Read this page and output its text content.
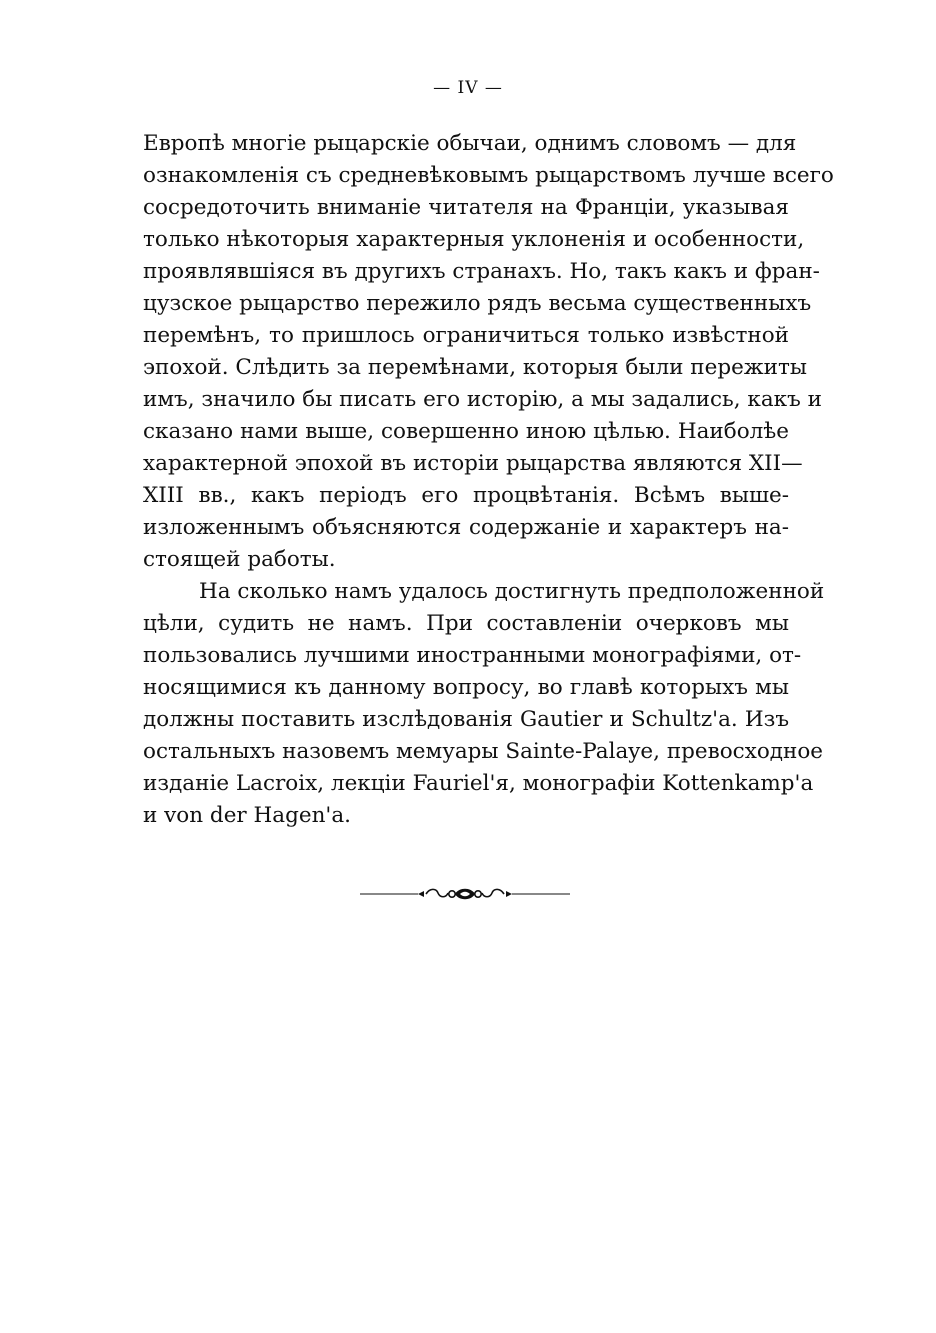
— IV —
Европѣ многіе рыцарскіе обычаи, однимъ словомъ — для
ознакомленія съ средневѣковымъ рыцарствомъ лучше всего
сосредоточить вниманіе читателя на Франціи, указывая
только нѣкоторыя характерныя уклоненія и особенности,
проявлявшіяся въ другихъ странахъ. Но, такъ какъ и фран-
цузское рыцарство пережило рядъ весьма существенныхъ
перемѣнъ, то пришлось ограничиться только извѣстной
эпохой. Слѣдить за перемѣнами, которыя были пережиты
имъ, значило бы писать его исторію, а мы задались, какъ и
сказано нами выше, совершенно иною цѣлью. Наиболѣе
характерной эпохой въ исторіи рыцарства являются XII—
XIII вв., какъ періодъ его процвѣтанія. Всѣмъ выше-
изложеннымъ объясняются содержаніе и характеръ на-
стоящей работы.
На сколько намъ удалось достигнуть предположенной
цѣли, судить не намъ. При составленіи очерковъ мы
пользовались лучшими иностранными монографіями, от-
носящимися къ данному вопросу, во главѣ которыхъ мы
должны поставить изслѣдованія Gautier и Schultz'а. Изъ
остальныхъ назовемъ мемуары Sainte-Palaye, превосходное
изданіе Lacroix, лекціи Fauriel'я, монографіи Kottenkamp'а
и von der Hagen'а.
